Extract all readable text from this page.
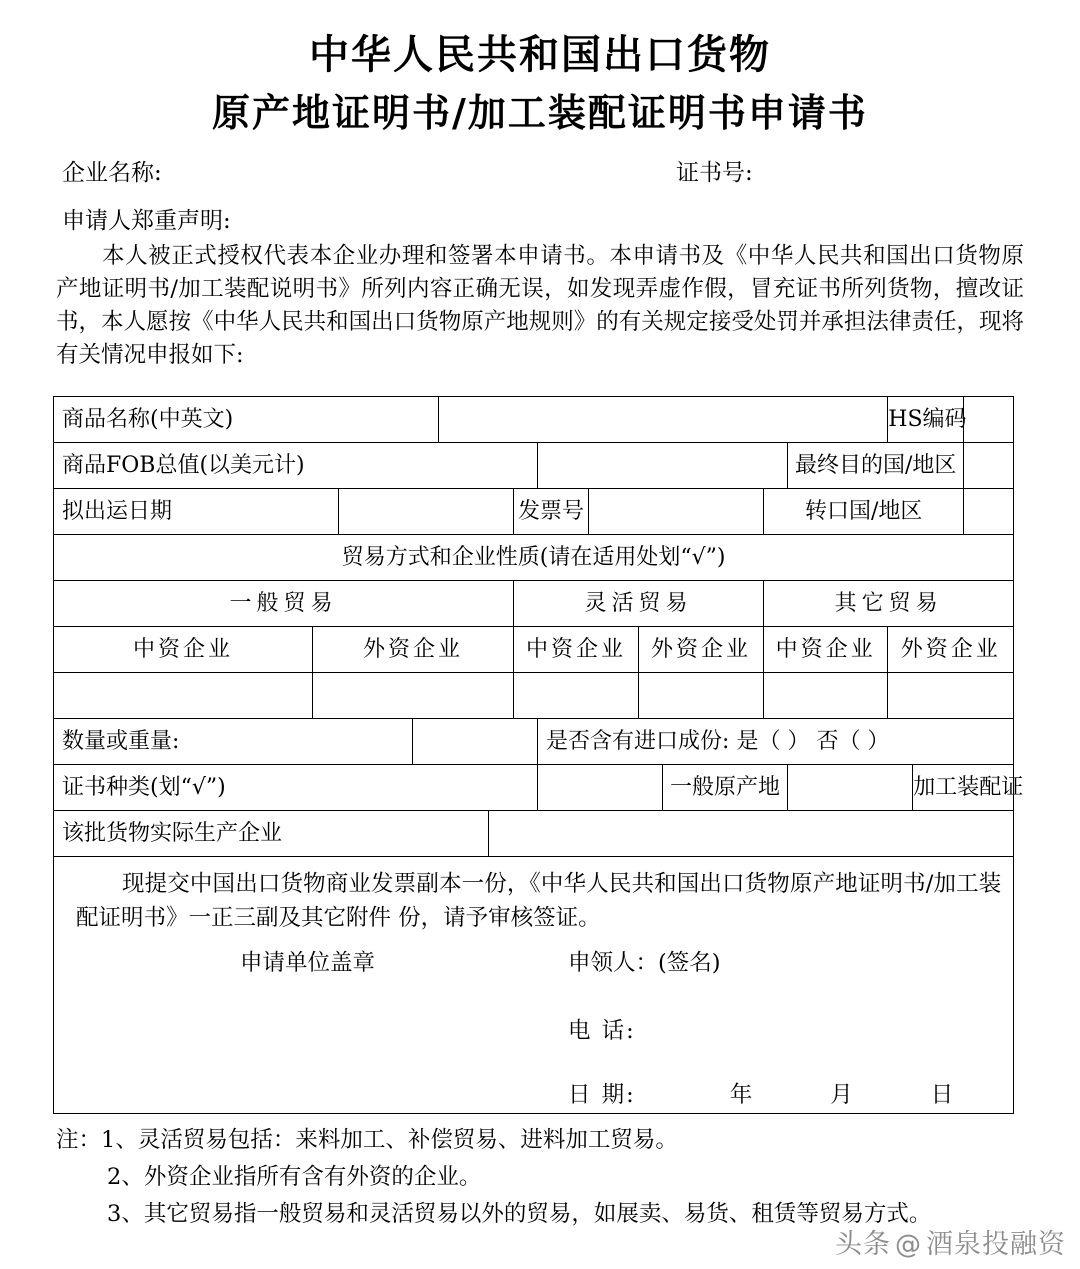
中华人民共和国出口货物
原产地证明书/加工装配证明书申请书
企业名称:	证书号:
申请人郑重声明:
本人被正式授权代表本企业办理和签署本申请书。本申请书及《中华人民共和国出口货物原产地证明书/加工装配说明书》所列内容正确无误，如发现弄虚作假，冒充证书所列货物，擅改证书，本人愿按《中华人民共和国出口货物原产地规则》的有关规定接受处罚并承担法律责任，现将有关情况申报如下:
商品名称(中英文)													HS编码		
商品FOB总值(以美元计)												最终目的国/地区			
拟出运日期						发票号					转口国/地区				
贸易方式和企业性质(请在适用处划“√”)															
一般贸易						灵活贸易					其它贸易				
中资企业	外资企业					中资企业			外资企业		中资企业		外资企业		

数量或重量:							是否含有进口成份: 是（ ） 否（ ）								
证书种类(划“√”)										一般原产地				加工装配证	
该批货物实际生产企业															

现提交中国出口货物商业发票副本一份，《中华人民共和国出口货物原产地证明书/加工装配证明书》一正三副及其它附件 份，请予审核签证。
申请单位盖章 申领人：(签名)
电 话:
日 期: 年 月 日															
注：1、灵活贸易包括：来料加工、补偿贸易、进料加工贸易。
2、外资企业指所有含有外资的企业。
3、其它贸易指一般贸易和灵活贸易以外的贸易，如展卖、易货、租赁等贸易方式。
头条 @ 酒泉投融资
